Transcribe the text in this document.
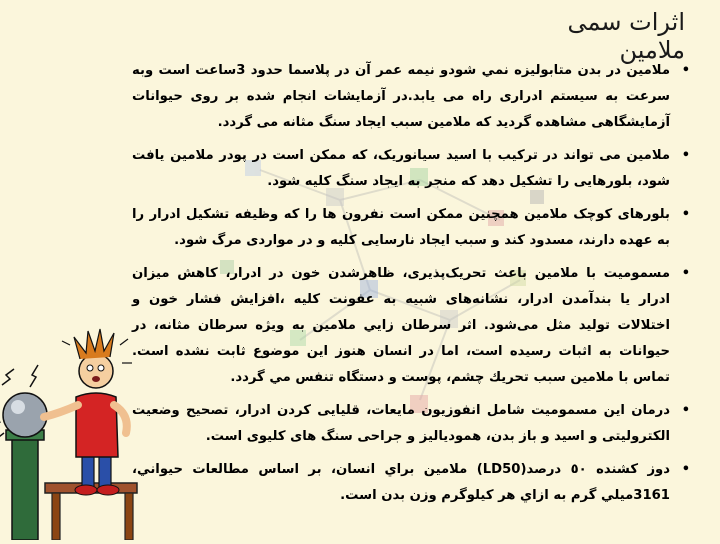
اثرات سمی ملامین
•
ملامین در بدن متابولیزه نمي شودو نيمه عمر آن در پلاسما حدود 3ساعت است وبه سرعت به سیستم ادراری راه می یابد.در آزمایشات انجام شده بر روی حیوانات آزمایشگاهی مشاهده گردید که ملامین سبب ایجاد سنگ مثانه می گردد.
•
ملامین می تواند در ترکیب با اسید سیانوریک، که ممکن است در پودر ملامین یافت شود، بلورهایی را تشکیل دهد که منجر به ایجاد سنگ کلیه شود.
•
بلورهای کوچک ملامین همچنین ممکن است نفرون ها را که وظیفه تشکیل ادرار را به عهده دارند، مسدود کند و سبب ایجاد نارسایی کلیه و در مواردی مرگ شود.
•
مسمومیت با ملامین باعث تحریک‌پذیری، ظاهرشدن خون در ادرار، کاهش میزان ادرار یا بندآمدن ادرار، نشانه‌های شبیه به عفونت کلیه ،افزایش فشار خون و اختلالات تولید مثل می‌شود. اثر سرطان زايي ملامين به ويژه سرطان مثانه، در حيوانات به اثبات رسيده است، اما در انسان هنوز اين موضوع ثابت نشده است. تماس با ملامین سبب تحريك چشم، پوست و دستگاه تنفس مي گردد.
•
درمان این مسمومیت شامل انفوزیون مایعات، قلیایی کردن ادرار، تصحیح وضعیت الکترولیتی و اسید و باز بدن، همودیالیز و جراحی سنگ های کلیوی است.
•
دوز كشنده ٥٠ درصد(LD50) ملامين براي انسان، بر اساس مطالعات حيواني، 3161ميلي گرم به ازاي هر كيلوگرم وزن بدن است.
